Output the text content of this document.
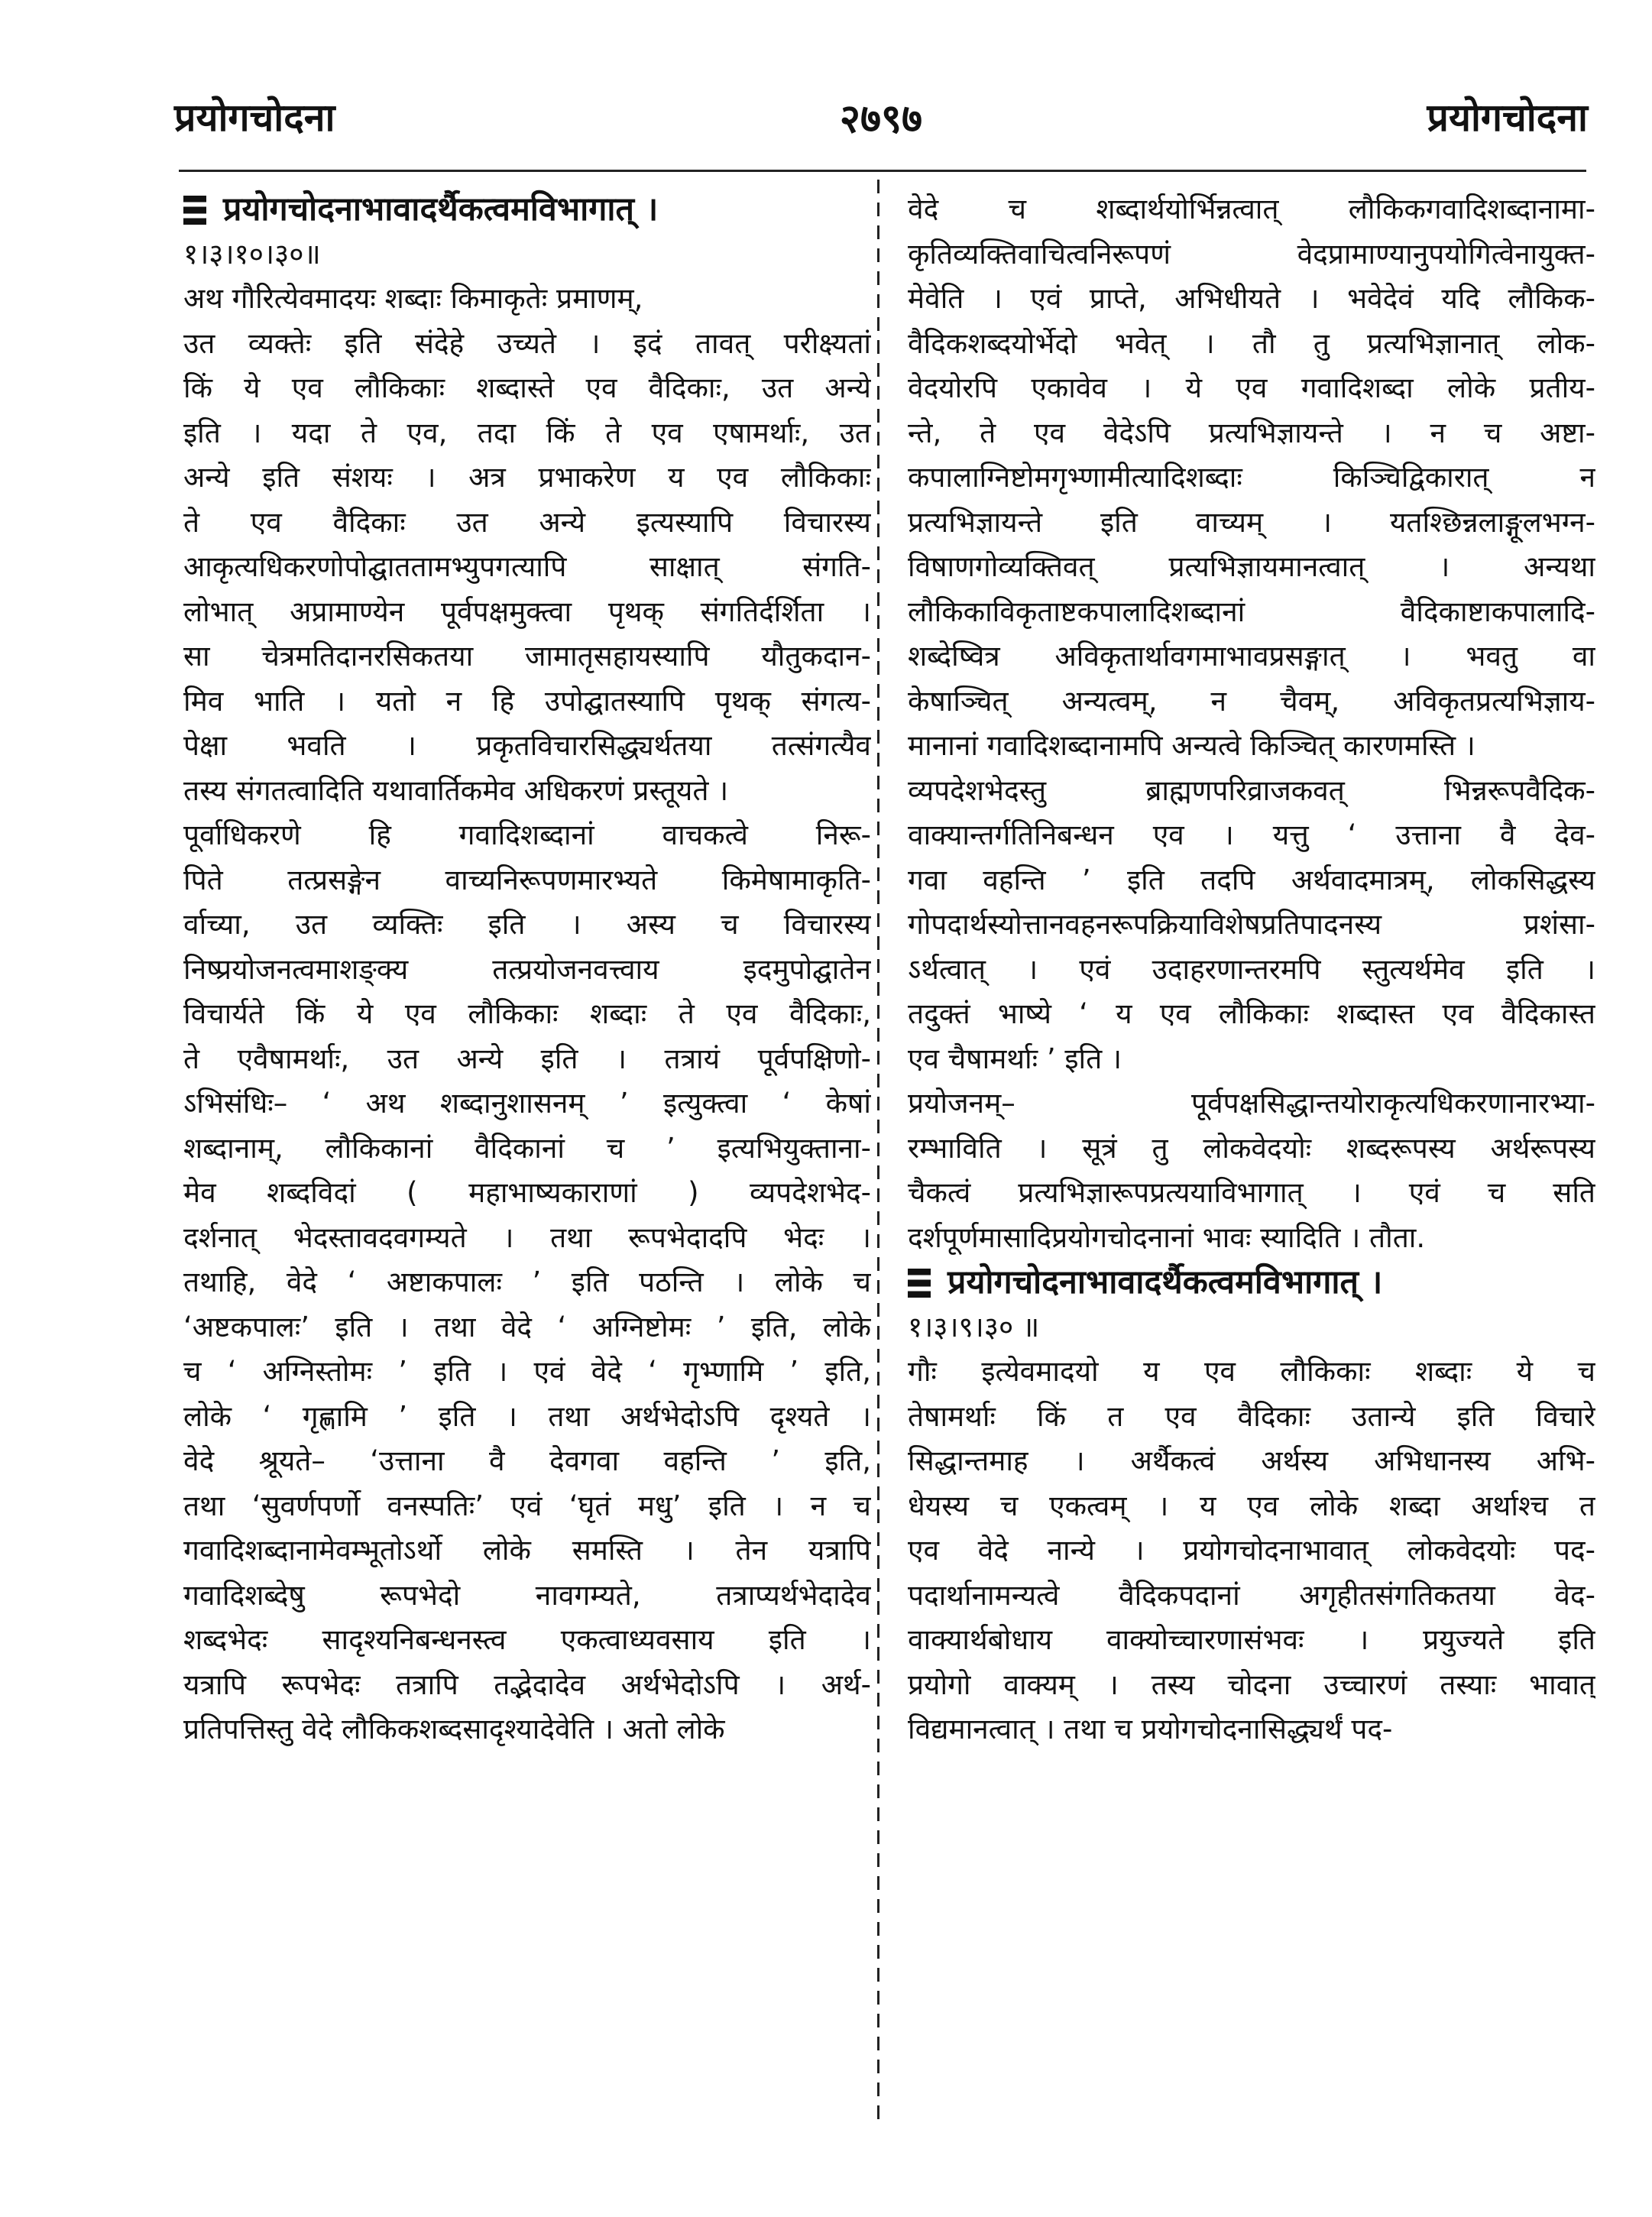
प्रयोगचोदना	२७९७	प्रयोगचोदना
प्रयोगचोदनाभावादर्थैकत्वमविभागात् ।
१।३।१०।३०॥
अथ गौरित्येवमादयः शब्दाः किमाकृतेः प्रमाणम्,
उत व्यक्तेः इति संदेहे उच्यते । इदं तावत् परीक्ष्यतां
किं ये एव लौकिकाः शब्दास्ते एव वैदिकाः, उत अन्ये
इति । यदा ते एव, तदा किं ते एव एषामर्थाः, उत
अन्ये इति संशयः । अत्र प्रभाकरेण य एव लौकिकाः
ते एव वैदिकाः उत अन्ये इत्यस्यापि विचारस्य
आकृत्यधिकरणोपोद्घाततामभ्युपगत्यापि साक्षात् संगति-
लोभात् अप्रामाण्येन पूर्वपक्षमुक्त्वा पृथक् संगतिर्दर्शिता ।
सा चेत्रमतिदानरसिकतया जामातृसहायस्यापि यौतुकदान-
मिव भाति । यतो न हि उपोद्घातस्यापि पृथक् संगत्य-
पेक्षा भवति । प्रकृतविचारसिद्ध्यर्थतया तत्संगत्यैव
तस्य संगतत्वादिति यथावार्तिकमेव अधिकरणं प्रस्तूयते ।
पूर्वाधिकरणे हि गवादिशब्दानां वाचकत्वे निरू-
पिते तत्प्रसङ्गेन वाच्यनिरूपणमारभ्यते किमेषामाकृति-
र्वाच्या, उत व्यक्तिः इति । अस्य च विचारस्य
निष्प्रयोजनत्वमाशङ्क्य तत्प्रयोजनवत्त्वाय इदमुपोद्घातेन
विचार्यते किं ये एव लौकिकाः शब्दाः ते एव वैदिकाः,
ते एवैषामर्थाः, उत अन्ये इति । तत्रायं पूर्वपक्षिणो-
ऽभिसंधिः– ‘ अथ शब्दानुशासनम् ’ इत्युक्त्वा ‘ केषां
शब्दानाम्, लौकिकानां वैदिकानां च ’ इत्यभियुक्ताना-
मेव शब्दविदां ( महाभाष्यकाराणां ) व्यपदेशभेद-
दर्शनात् भेदस्तावदवगम्यते । तथा रूपभेदादपि भेदः ।
तथाहि, वेदे ‘ अष्टाकपालः ’ इति पठन्ति । लोके च
‘अष्टकपालः’ इति । तथा वेदे ‘ अग्निष्टोमः ’ इति, लोके
च ‘ अग्निस्तोमः ’ इति । एवं वेदे ‘ गृभ्णामि ’ इति,
लोके ‘ गृह्णामि ’ इति । तथा अर्थभेदोऽपि दृश्यते ।
वेदे श्रूयते– ‘उत्ताना वै देवगवा वहन्ति ’ इति,
तथा ‘सुवर्णपर्णो वनस्पतिः’ एवं ‘घृतं मधु’ इति । न च
गवादिशब्दानामेवम्भूतोऽर्थो लोके समस्ति । तेन यत्रापि
गवादिशब्देषु रूपभेदो नावगम्यते, तत्राप्यर्थभेदादेव
शब्दभेदः सादृश्यनिबन्धनस्त्व एकत्वाध्यवसाय इति ।
यत्रापि रूपभेदः तत्रापि तद्भेदादेव अर्थभेदोऽपि । अर्थ-
प्रतिपत्तिस्तु वेदे लौकिकशब्दसादृश्यादेवेति । अतो लोके
वेदे च शब्दार्थयोर्भिन्नत्वात् लौकिकगवादिशब्दानामा-
कृतिव्यक्तिवाचित्वनिरूपणं वेदप्रामाण्यानुपयोगित्वेनायुक्त-
मेवेति । एवं प्राप्ते, अभिधीयते । भवेदेवं यदि लौकिक-
वैदिकशब्दयोर्भेदो भवेत् । तौ तु प्रत्यभिज्ञानात् लोक-
वेदयोरपि एकावेव । ये एव गवादिशब्दा लोके प्रतीय-
न्ते, ते एव वेदेऽपि प्रत्यभिज्ञायन्ते । न च अष्टा-
कपालाग्निष्टोमगृभ्णामीत्यादिशब्दाः किञ्चिद्विकारात् न
प्रत्यभिज्ञायन्ते इति वाच्यम् । यतश्छिन्नलाङ्गूलभग्न-
विषाणगोव्यक्तिवत् प्रत्यभिज्ञायमानत्वात् । अन्यथा
लौकिकाविकृताष्टकपालादिशब्दानां वैदिकाष्टाकपालादि-
शब्देष्वित्र अविकृतार्थावगमाभावप्रसङ्गात् । भवतु वा
केषाञ्चित् अन्यत्वम्, न चैवम्, अविकृतप्रत्यभिज्ञाय-
मानानां गवादिशब्दानामपि अन्यत्वे किञ्चित् कारणमस्ति ।
व्यपदेशभेदस्तु ब्राह्मणपरिव्राजकवत् भिन्नरूपवैदिक-
वाक्यान्तर्गतिनिबन्धन एव । यत्तु ‘ उत्ताना वै देव-
गवा वहन्ति ’ इति तदपि अर्थवादमात्रम्, लोकसिद्धस्य
गोपदार्थस्योत्तानवहनरूपक्रियाविशेषप्रतिपादनस्य प्रशंसा-
ऽर्थत्वात् । एवं उदाहरणान्तरमपि स्तुत्यर्थमेव इति ।
तदुक्तं भाष्ये ‘ य एव लौकिकाः शब्दास्त एव वैदिकास्त
एव चैषामर्थाः ’ इति ।
प्रयोजनम्– पूर्वपक्षसिद्धान्तयोराकृत्यधिकरणानारभ्या-
रम्भाविति । सूत्रं तु लोकवेदयोः शब्दरूपस्य अर्थरूपस्य
चैकत्वं प्रत्यभिज्ञारूपप्रत्ययाविभागात् । एवं च सति
दर्शपूर्णमासादिप्रयोगचोदनानां भावः स्यादिति । तौता.
प्रयोगचोदनाभावादर्थैकत्वमविभागात् ।
१।३।९।३० ॥
गौः इत्येवमादयो य एव लौकिकाः शब्दाः ये च
तेषामर्थाः किं त एव वैदिकाः उतान्ये इति विचारे
सिद्धान्तमाह । अर्थैकत्वं अर्थस्य अभिधानस्य अभि-
धेयस्य च एकत्वम् । य एव लोके शब्दा अर्थाश्च त
एव वेदे नान्ये । प्रयोगचोदनाभावात् लोकवेदयोः पद-
पदार्थानामन्यत्वे वैदिकपदानां अगृहीतसंगतिकतया वेद-
वाक्यार्थबोधाय वाक्योच्चारणासंभवः । प्रयुज्यते इति
प्रयोगो वाक्यम् । तस्य चोदना उच्चारणं तस्याः भावात्
विद्यमानत्वात् । तथा च प्रयोगचोदनासिद्ध्यर्थं पद-
